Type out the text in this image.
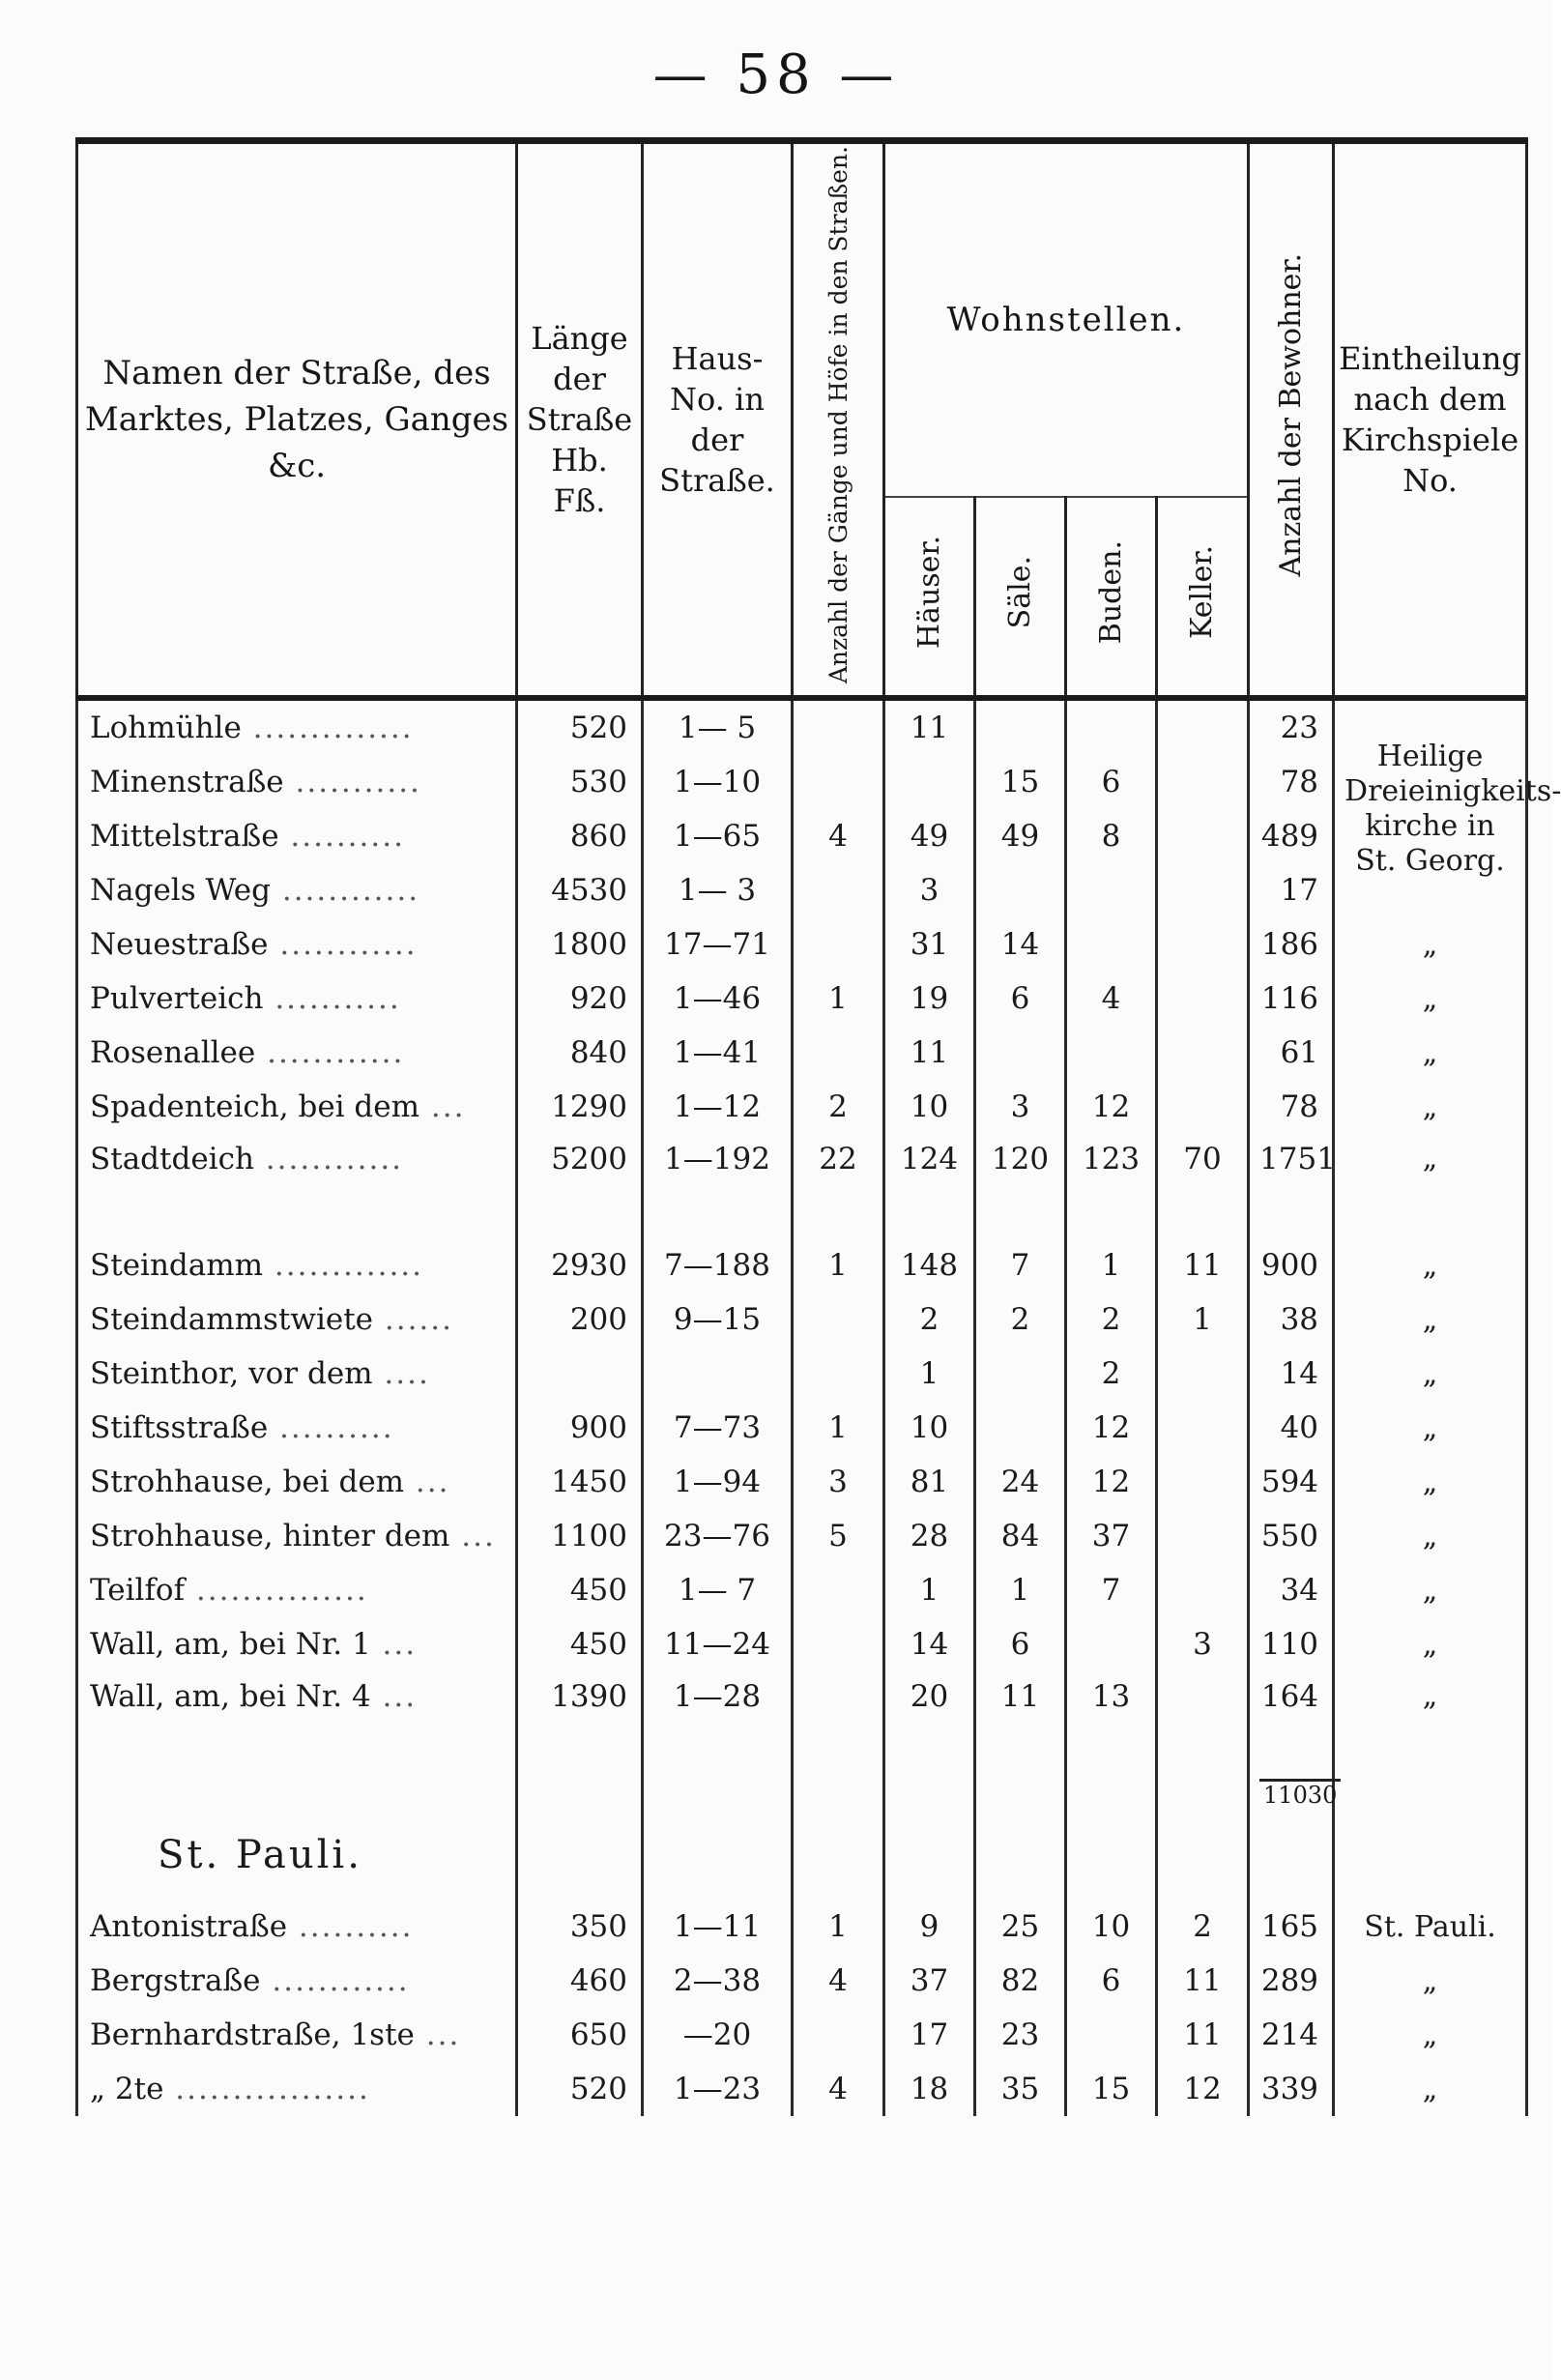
— 58 —
Namen der Straße, des Marktes, Platzes, Ganges &c.	Länge der Straße Hb. Fß.	Haus-No. in der Straße.	Anzahl der Gänge und Höfe in den Straßen.	Wohnstellen.				Anzahl der Bewohner.	Eintheilung nach dem Kirchspiele No.
				Häuser.	Säle.	Buden.	Keller.		
Lohmühle ..............	520	1— 5		11				23	Heilige Dreieinigkeits-kirche in St. Georg.

Minenstraße ...........	530	1—10			15	6		78	
Mittelstraße ..........	860	1—65	4	49	49	8		489	
Nagels Weg ............	4530	1— 3		3				17	
Neuestraße ............	1800	17—71		31	14			186	„
Pulverteich ...........	920	1—46	1	19	6	4		116	„
Rosenallee ............	840	1—41		11				61	„
Spadenteich, bei dem ...	1290	1—12	2	10	3	12		78	„
Stadtdeich ............	5200	1—192	22	124	120	123	70	1751	„
Steindamm .............	2930	7—188	1	148	7	1	11	900	„
Steindammstwiete ......	200	9—15		2	2	2	1	38	„
Steinthor, vor dem ....				1		2		14	„
Stiftsstraße ..........	900	7—73	1	10		12		40	„
Strohhause, bei dem ...	1450	1—94	3	81	24	12		594	„
Strohhause, hinter dem ...	1100	23—76	5	28	84	37		550	„
Teilfof ...............	450	1— 7		1	1	7		34	„
Wall, am, bei Nr. 1 ...	450	11—24		14	6		3	110	„
Wall, am, bei Nr. 4 ...	1390	1—28		20	11	13		164	„
								11030	
St. Pauli.									
Antonistraße ..........	350	1—11	1	9	25	10	2	165	St. Pauli.
Bergstraße ............	460	2—38	4	37	82	6	11	289	„
Bernhardstraße, 1ste ...	650	—20		17	23		11	214	„
„ 2te .................	520	1—23	4	18	35	15	12	339	„
